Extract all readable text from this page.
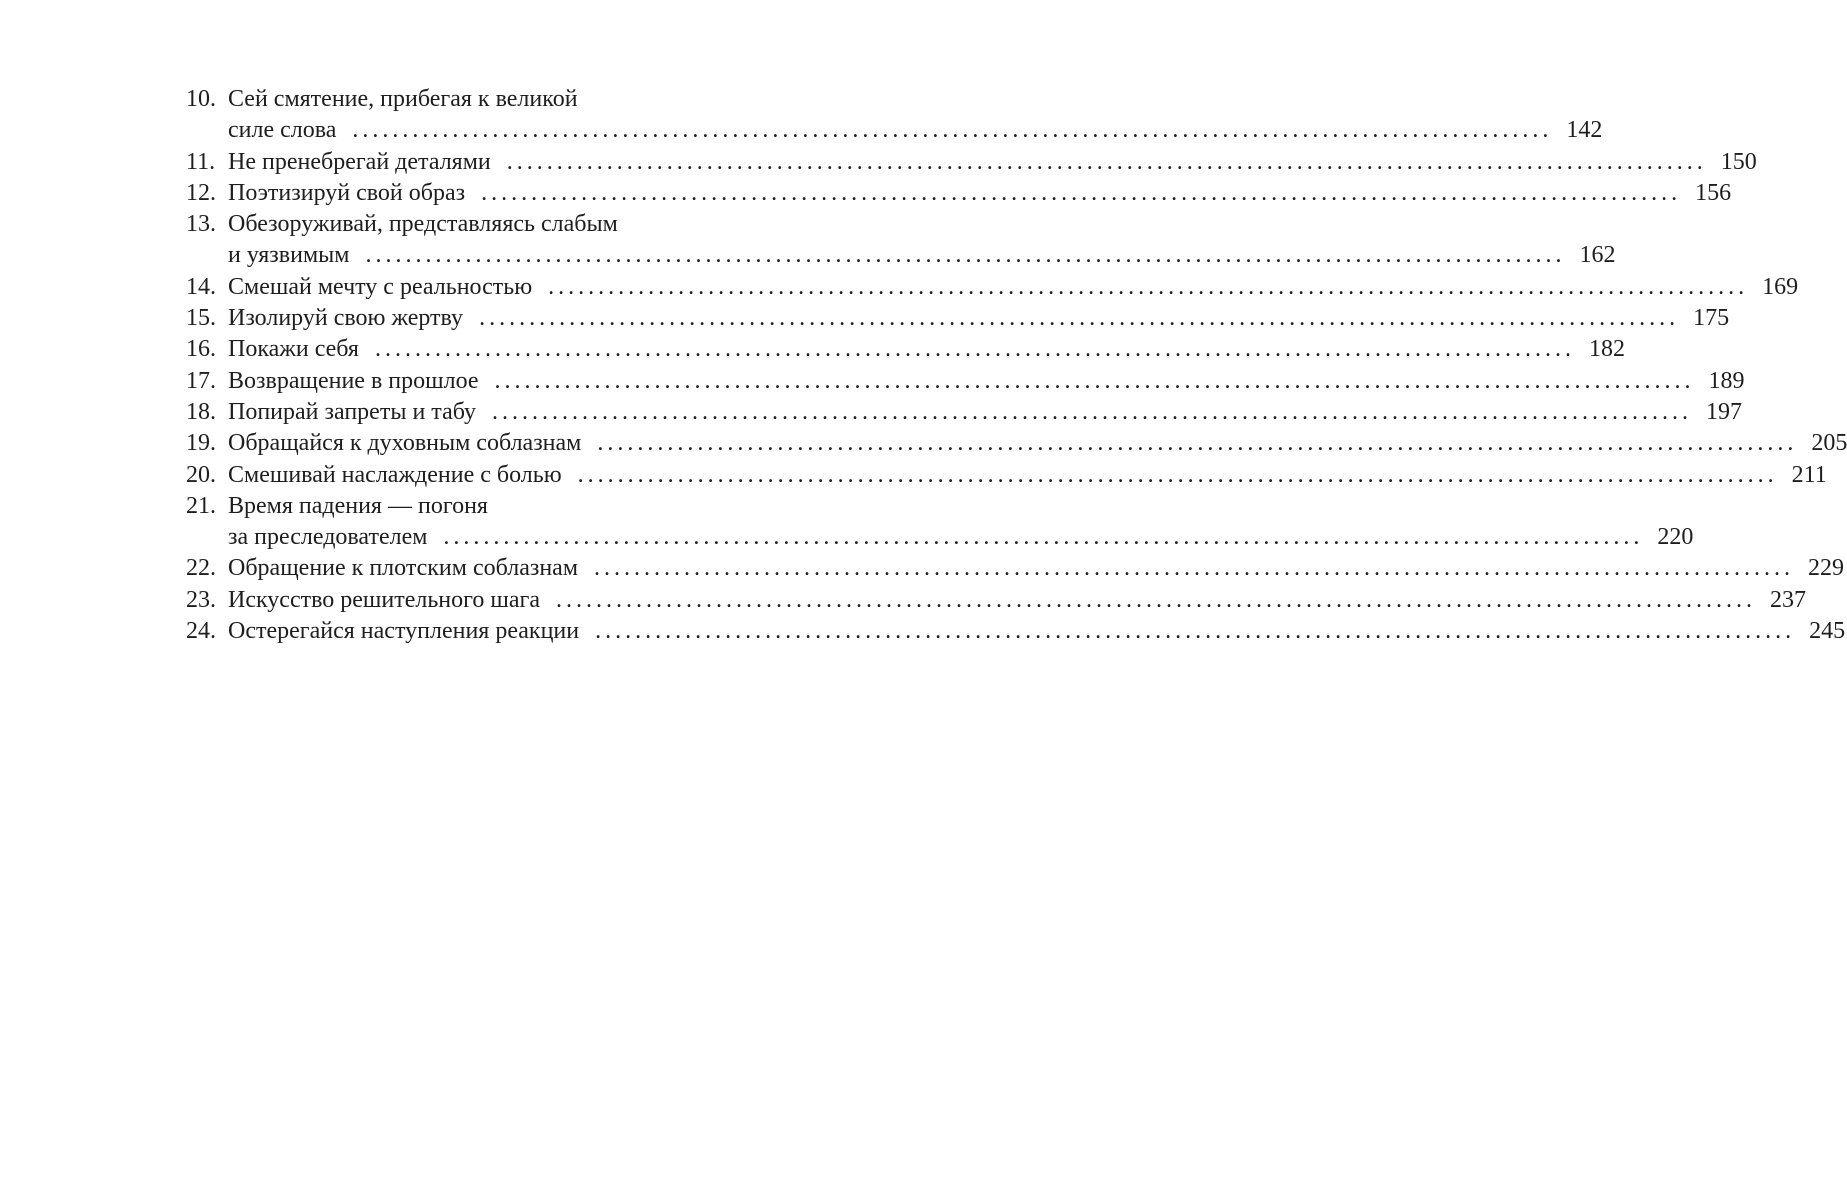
10. Сей смятение, прибегая к великой
силе слова ........................................................................................................................ 142
11. Не пренебрегай деталями ........................................................................................................................ 150
12. Поэтизируй свой образ ........................................................................................................................ 156
13. Обезоруживай, представляясь слабым
и уязвимым ........................................................................................................................ 162
14. Смешай мечту с реальностью ........................................................................................................................ 169
15. Изолируй свою жертву ........................................................................................................................ 175
16. Покажи себя ........................................................................................................................ 182
17. Возвращение в прошлое ........................................................................................................................ 189
18. Попирай запреты и табу ........................................................................................................................ 197
19. Обращайся к духовным соблазнам ........................................................................................................................ 205
20. Смешивай наслаждение с болью ........................................................................................................................ 211
21. Время падения — погоня
за преследователем ........................................................................................................................ 220
22. Обращение к плотским соблазнам ........................................................................................................................ 229
23. Искусство решительного шага ........................................................................................................................ 237
24. Остерегайся наступления реакции ........................................................................................................................ 245
